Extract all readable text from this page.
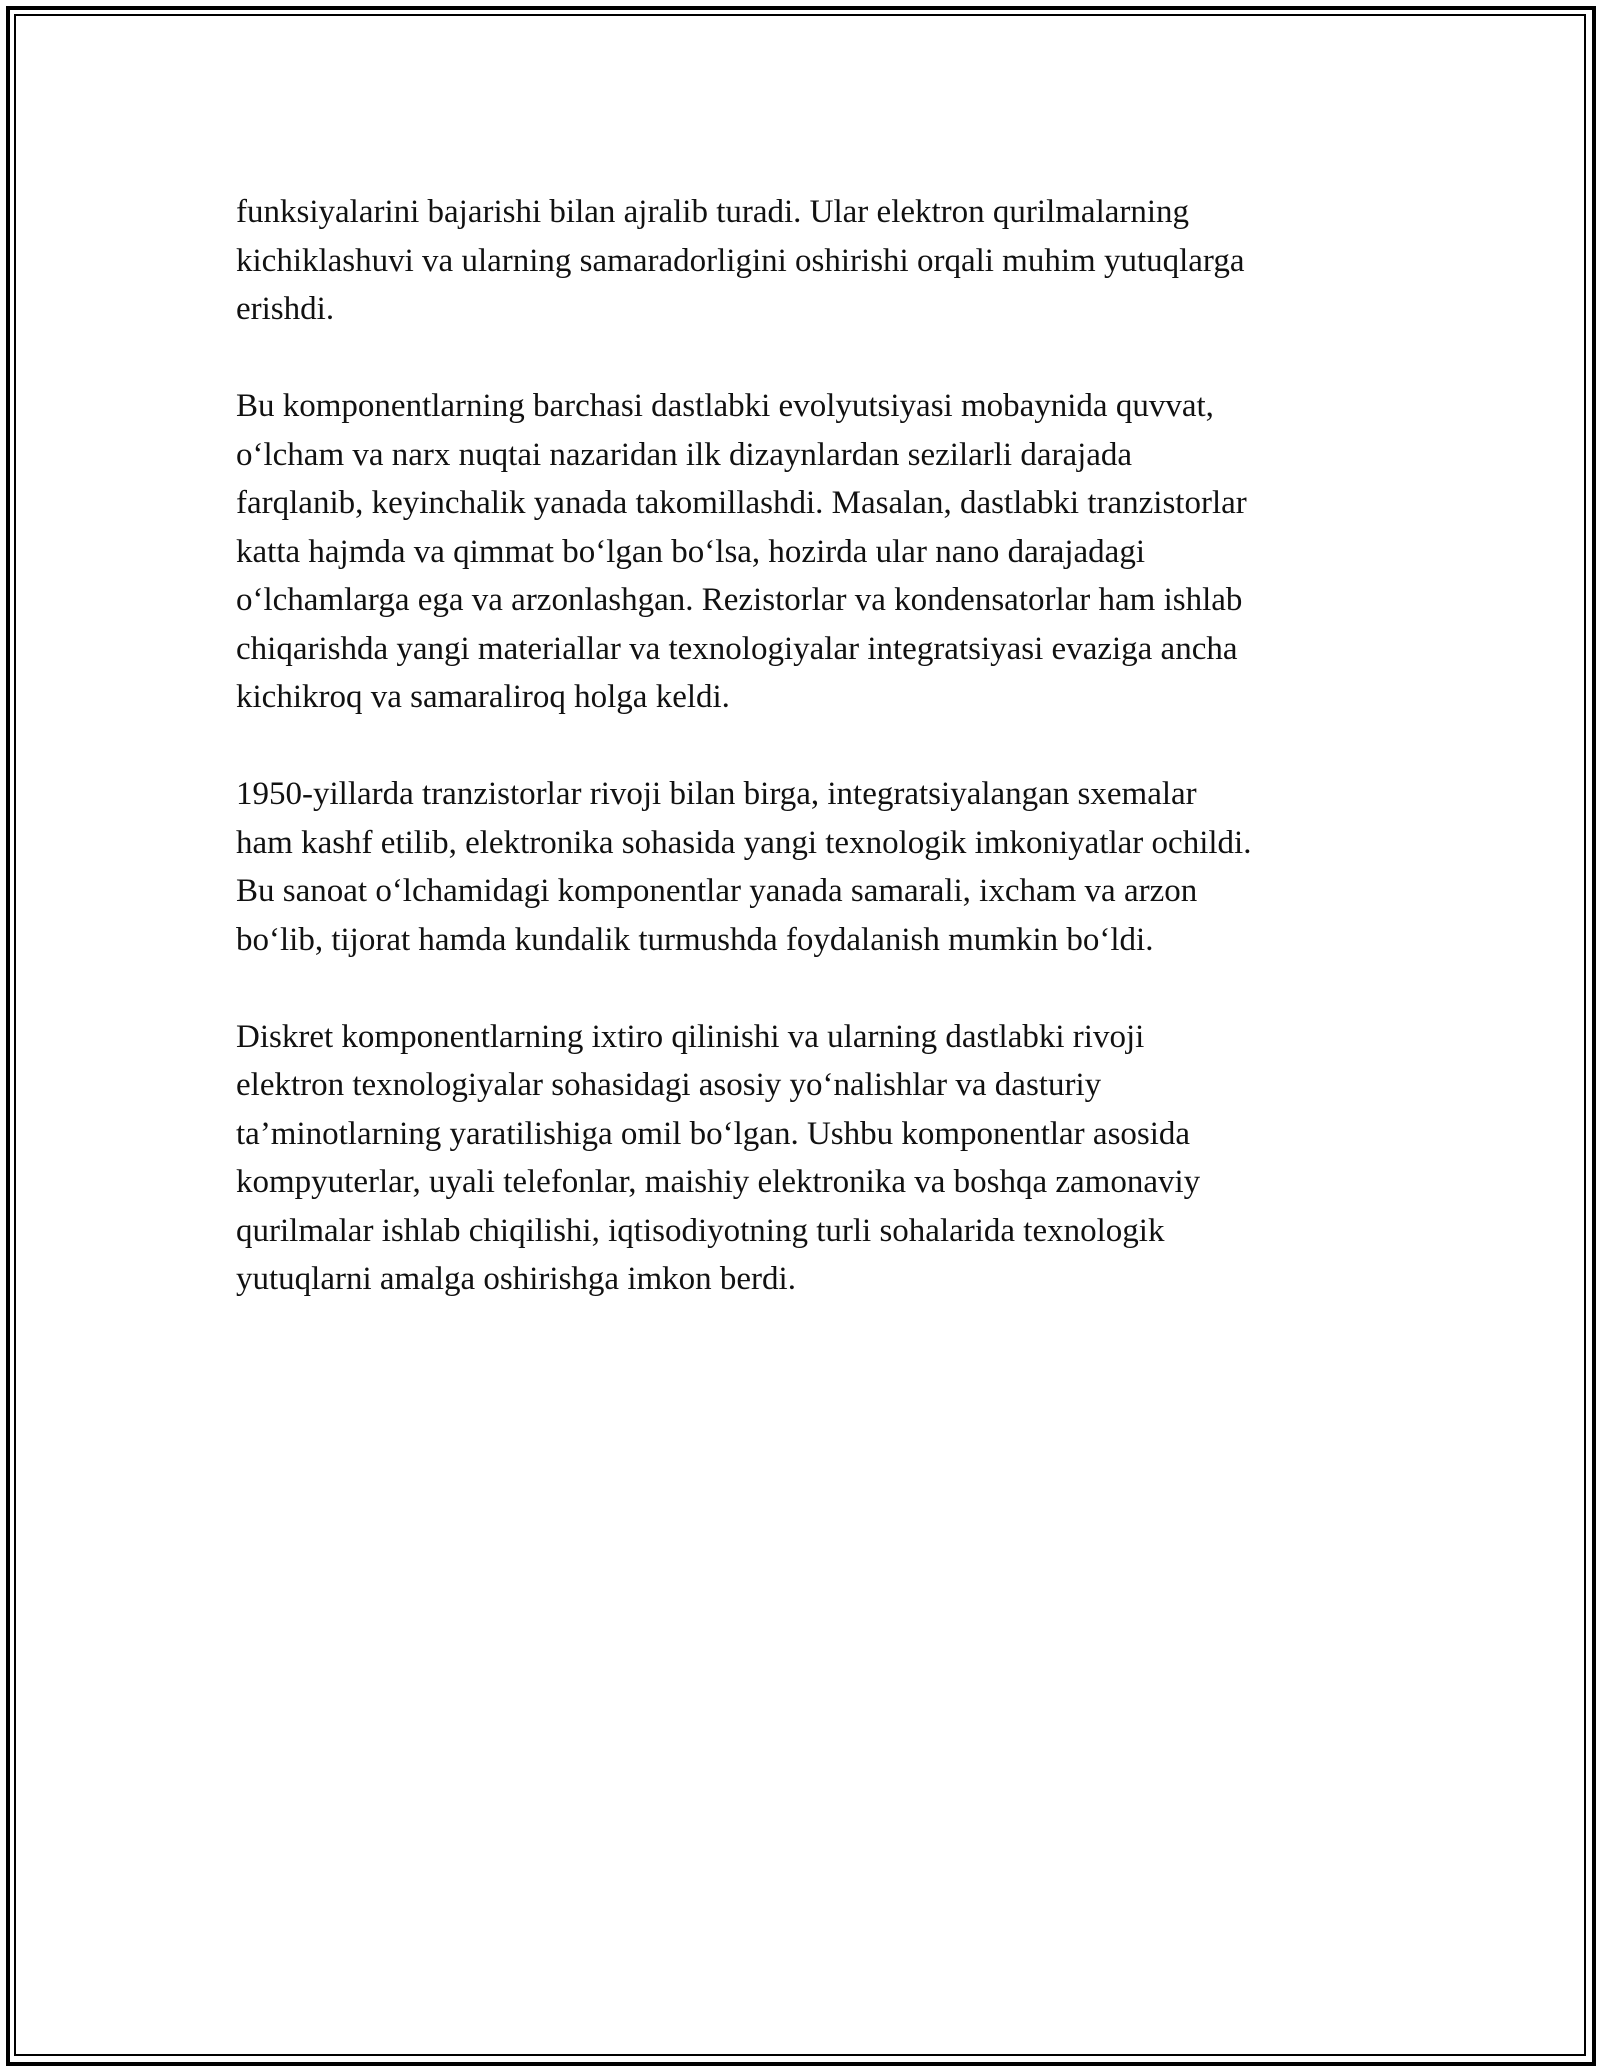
funksiyalarini bajarishi bilan ajralib turadi. Ular elektron qurilmalarning
kichiklashuvi va ularning samaradorligini oshirishi orqali muhim yutuqlarga
erishdi.

Bu komponentlarning barchasi dastlabki evolyutsiyasi mobaynida quvvat,
o‘lcham va narx nuqtai nazaridan ilk dizaynlardan sezilarli darajada
farqlanib, keyinchalik yanada takomillashdi. Masalan, dastlabki tranzistorlar
katta hajmda va qimmat bo‘lgan bo‘lsa, hozirda ular nano darajadagi
o‘lchamlarga ega va arzonlashgan. Rezistorlar va kondensatorlar ham ishlab
chiqarishda yangi materiallar va texnologiyalar integratsiyasi evaziga ancha
kichikroq va samaraliroq holga keldi.

1950-yillarda tranzistorlar rivoji bilan birga, integratsiyalangan sxemalar
ham kashf etilib, elektronika sohasida yangi texnologik imkoniyatlar ochildi.
Bu sanoat o‘lchamidagi komponentlar yanada samarali, ixcham va arzon
bo‘lib, tijorat hamda kundalik turmushda foydalanish mumkin bo‘ldi.

Diskret komponentlarning ixtiro qilinishi va ularning dastlabki rivoji
elektron texnologiyalar sohasidagi asosiy yo‘nalishlar va dasturiy
ta’minotlarning yaratilishiga omil bo‘lgan. Ushbu komponentlar asosida
kompyuterlar, uyali telefonlar, maishiy elektronika va boshqa zamonaviy
qurilmalar ishlab chiqilishi, iqtisodiyotning turli sohalarida texnologik
yutuqlarni amalga oshirishga imkon berdi.
